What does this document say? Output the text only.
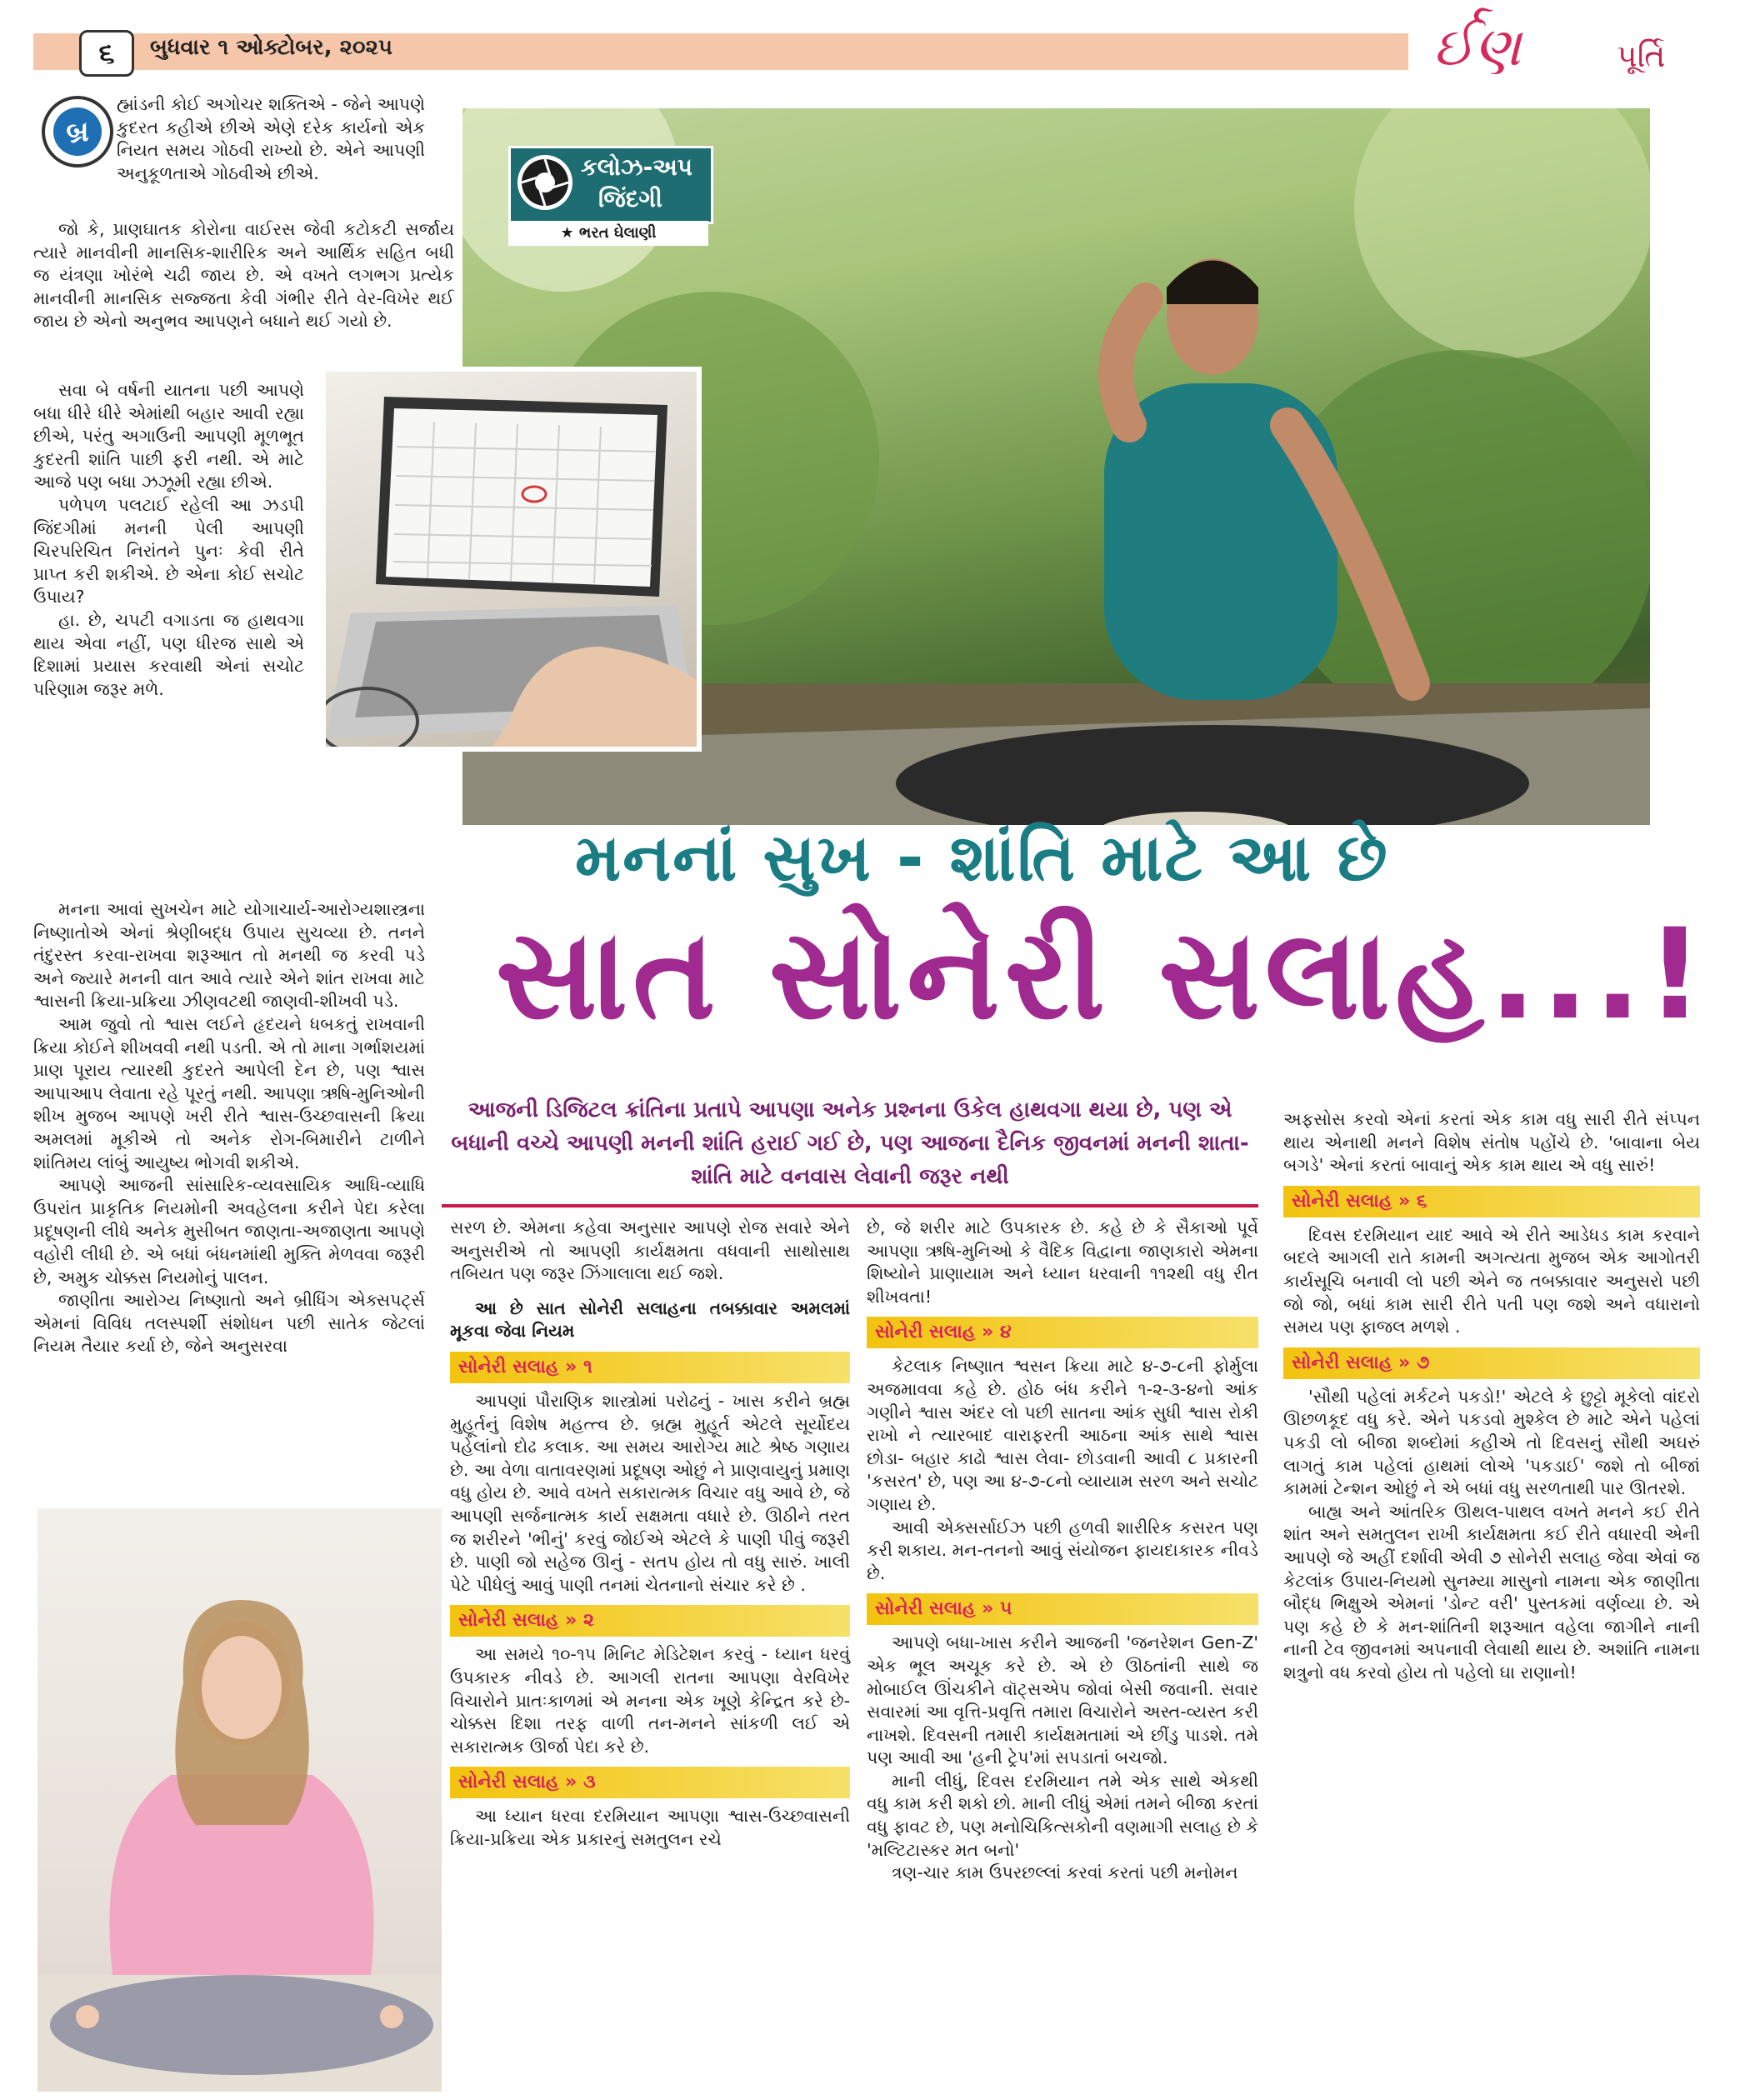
૬	બુધવાર ૧ ઓક્ટોબર, ૨૦૨૫	ર્ઈણ	પૂર્તિ
કલોઝ-અપ
જિંદગી
★ ભરત ઘેલાણી
મનનાં સુખ - શાંતિ માટે આ છે
સાત સોનેરી સલાહ...!
આજની ડિજિટલ ક્રાંતિના પ્રતાપે આપણા અનેક પ્રશ્નના ઉકેલ હાથવગા થયા છે, પણ એ બધાની વચ્ચે આપણી મનની શાંતિ હરાઈ ગઈ છે, પણ આજના દૈનિક જીવનમાં મનની શાતા-શાંતિ માટે વનવાસ લેવાની જરૂર નથી
બ્ર

હ્માંડની કોઈ અગોચર શક્તિએ - જેને આપણે કુદરત કહીએ છીએ એણે દરેક કાર્યનો એક નિયત સમય ગોઠવી રાખ્યો છે. એને આપણી અનુકૂળતાએ ગોઠવીએ છીએ.

જો કે, પ્રાણઘાતક કોરોના વાઈરસ જેવી કટોકટી સર્જાય ત્યારે માનવીની માનસિક-શારીરિક અને આર્થિક સહિત બધી જ યંત્રણા ખોરંભે ચઢી જાય છે. એ વખતે લગભગ પ્રત્યેક માનવીની માનસિક સજ્જતા કેવી ગંભીર રીતે વેર-વિખેર થઈ જાય છે એનો અનુભવ આપણને બધાને થઈ ગયો છે.

સવા બે વર્ષની યાતના પછી આપણે બધા ધીરે ધીરે એમાંથી બહાર આવી રહ્યા છીએ, પરંતુ અગાઉની આપણી મૂળભૂત કુદરતી શાંતિ પાછી ફરી નથી. એ માટે આજે પણ બધા ઝઝૂમી રહ્યા છીએ.

પળેપળ પલટાઈ રહેલી આ ઝડપી જિંદગીમાં મનની પેલી આપણી ચિરપરિચિત નિરાંતને પુનઃ કેવી રીતે પ્રાપ્ત કરી શકીએ. છે એના કોઈ સચોટ ઉપાય?

હા. છે, ચપટી વગાડતા જ હાથવગા થાય એવા નહીં, પણ ધીરજ સાથે એ દિશામાં પ્રયાસ કરવાથી એનાં સચોટ પરિણામ જરૂર મળે.

મનના આવાં સુખચેન માટે યોગાચાર્ય-આરોગ્યશાસ્ત્રના નિષ્ણાતોએ એનાં શ્રેણીબદ્ધ ઉપાય સુચવ્યા છે. તનને તંદુરસ્ત કરવા-રાખવા શરૂઆત તો મનથી જ કરવી પડે અને જ્યારે મનની વાત આવે ત્યારે એને શાંત રાખવા માટે શ્વાસની ક્રિયા-પ્રક્રિયા ઝીણવટથી જાણવી-શીખવી પડે.

આમ જુવો તો શ્વાસ લઈને હૃદયને ધબકતું રાખવાની ક્રિયા કોઈને શીખવવી નથી પડતી. એ તો માના ગર્ભાશયમાં પ્રાણ પૂરાય ત્યારથી કુદરતે આપેલી દેન છે, પણ શ્વાસ આપાઆપ લેવાતા રહે પૂરતું નથી. આપણા ઋષિ-મુનિઓની શીખ મુજબ આપણે ખરી રીતે શ્વાસ-ઉચ્છવાસની ક્રિયા અમલમાં મૂકીએ તો અનેક રોગ-બિમારીને ટાળીને શાંતિમય લાંબું આયુષ્ય ભોગવી શકીએ.

આપણે આજની સાંસારિક-વ્યવસાયિક આધિ-વ્યાધિ ઉપરાંત પ્રાકૃતિક નિયમોની અવહેલના કરીને પેદા કરેલા પ્રદૂષણની લીધે અનેક મુસીબત જાણતા-અજાણતા આપણે વહોરી લીધી છે. એ બધાં બંધનમાંથી મુક્તિ મેળવવા જરૂરી છે, અમુક ચોક્કસ નિયમોનું પાલન.

જાણીતા આરોગ્ય નિષ્ણાતો અને બ્રીધિંગ એક્સપર્ટ્સ એમનાં વિવિધ તલસ્પર્શી સંશોધન પછી સાતેક જેટલાં નિયમ તૈયાર કર્યા છે, જેને અનુસરવા

સરળ છે. એમના કહેવા અનુસાર આપણે રોજ સવારે એને અનુસરીએ તો આપણી કાર્યક્ષમતા વધવાની સાથોસાથ તબિયત પણ જરૂર ઝિંગાલાલા થઈ જશે.

આ છે સાત સોનેરી સલાહના તબક્કાવાર અમલમાં મૂકવા જેવા નિયમ

સોનેરી સલાહ » ૧

આપણાં પૌરાણિક શાસ્ત્રોમાં પરોઢનું - ખાસ કરીને બ્રહ્મ મુહૂર્તનું વિશેષ મહત્ત્વ છે. બ્રહ્મ મુહૂર્ત એટલે સૂર્યોદય પહેલાંનો દોઢ કલાક. આ સમય આરોગ્ય માટે શ્રેષ્ઠ ગણાય છે. આ વેળા વાતાવરણમાં પ્રદૂષણ ઓછું ને પ્રાણવાયુનું પ્રમાણ વધુ હોય છે. આવે વખતે સકારાત્મક વિચાર વધુ આવે છે, જે આપણી સર્જનાત્મક કાર્ય સક્ષમતા વધારે છે. ઊઠીને તરત જ શરીરને 'ભીનું' કરવું જોઈએ એટલે કે પાણી પીવું જરૂરી છે. પાણી જો સહેજ ઊનું - સતપ હોય તો વધુ સારું. ખાલી પેટે પીધેલું આવું પાણી તનમાં ચેતનાનો સંચાર કરે છે .

સોનેરી સલાહ » ૨

આ સમયે ૧૦-૧૫ મિનિટ મેડિટેશન કરવું - ધ્યાન ધરવું ઉપકારક નીવડે છે. આગલી રાતના આપણા વેરવિખેર વિચારોને પ્રાતઃકાળમાં એ મનના એક ખૂણે કેન્દ્રિત કરે છે- ચોક્કસ દિશા તરફ વાળી તન-મનને સાંકળી લઈ એ સકારાત્મક ઊર્જા પેદા કરે છે.

સોનેરી સલાહ » ૩

આ ધ્યાન ધરવા દરમિયાન આપણા શ્વાસ-ઉચ્છવાસની ક્રિયા-પ્રક્રિયા એક પ્રકારનું સમતુલન રચે

છે, જે શરીર માટે ઉપકારક છે. કહે છે કે સૈકાઓ પૂર્વે આપણા ઋષિ-મુનિઓ કે વૈદિક વિદ્વાના જાણકારો એમના શિષ્યોને પ્રાણાયામ અને ધ્યાન ધરવાની ૧૧૨થી વધુ રીત શીખવતા!

સોનેરી સલાહ » ૪

કેટલાક નિષ્ણાત શ્વસન ક્રિયા માટે ૪-૭-૮ની ફોર્મુલા અજમાવવા કહે છે. હોઠ બંધ કરીને ૧-૨-૩-૪નો આંક ગણીને શ્વાસ અંદર લો પછી સાતના આંક સુધી શ્વાસ રોકી રાખો ને ત્યારબાદ વારાફરતી આઠના આંક સાથે શ્વાસ છોડા- બહાર કાઢો શ્વાસ લેવા- છોડવાની આવી ૮ પ્રકારની 'કસરત' છે, પણ આ ૪-૭-૮નો વ્યાયામ સરળ અને સચોટ ગણાય છે.

આવી એક્સર્સાઈઝ પછી હળવી શારીરિક કસરત પણ કરી શકાય. મન-તનનો આવું સંયોજન ફાયદાકારક નીવડે છે.

સોનેરી સલાહ » ૫

આપણે બધા-ખાસ કરીને આજની 'જનરેશન Gen-Z' એક ભૂલ અચૂક કરે છે. એ છે ઊઠતાંની સાથે જ મોબાઈલ ઊંચકીને વૉટ્સએપ જોવાં બેસી જવાની. સવાર સવારમાં આ વૃત્તિ-પ્રવૃત્તિ તમારા વિચારોને અસ્ત-વ્યસ્ત કરી નાખશે. દિવસની તમારી કાર્યક્ષમતામાં એ છીંડુ પાડશે. તમે પણ આવી આ 'હની ટ્રેપ'માં સપડાતાં બચજો.

માની લીધું, દિવસ દરમિયાન તમે એક સાથે એકથી વધુ કામ કરી શકો છો. માની લીધું એમાં તમને બીજા કરતાં વધુ ફાવટ છે, પણ મનોચિકિત્સકોની વણમાગી સલાહ છે કે 'મલ્ટિટાસ્કર મત બનો'

ત્રણ-ચાર કામ ઉપરછલ્લાં કરવાં કરતાં પછી મનોમન

અફસોસ કરવો એનાં કરતાં એક કામ વધુ સારી રીતે સંપ્પન થાય એનાથી મનને વિશેષ સંતોષ પહોંચે છે. 'બાવાના બેય બગડે' એનાં કરતાં બાવાનું એક કામ થાય એ વધુ સારું!

સોનેરી સલાહ » ૬

દિવસ દરમિયાન યાદ આવે એ રીતે આડેધડ કામ કરવાને બદલે આગલી રાતે કામની અગત્યતા મુજબ એક આગોતરી કાર્યસૂચિ બનાવી લો પછી એને જ તબક્કાવાર અનુસરો પછી જો જો, બધાં કામ સારી રીતે પતી પણ જશે અને વધારાનો સમય પણ ફાજલ મળશે .

સોનેરી સલાહ » ૭

'સૌથી પહેલાં મર્કટને પકડો!' એટલે કે છુટ્ટો મૂકેલો વાંદરો ઊછળકૂદ વધુ કરે. એને પકડવો મુશ્કેલ છે માટે એને પહેલાં પકડી લો બીજા શબ્દોમાં કહીએ તો દિવસનું સૌથી અઘરું લાગતું કામ પહેલાં હાથમાં લોએ 'પકડાઈ' જશે તો બીજાં કામમાં ટેન્શન ઓછું ને એ બધાં વધુ સરળતાથી પાર ઊતરશે.

બાહ્ય અને આંતરિક ઊથલ-પાથલ વખતે મનને કઈ રીતે શાંત અને સમતુલન રાખી કાર્યક્ષમતા કઈ રીતે વધારવી એની આપણે જે અહીં દર્શાવી એવી ૭ સોનેરી સલાહ જેવા એવાં જ કેટલાંક ઉપાય-નિયમો સુનમ્યા માસુનો નામના એક જાણીતા બૌદ્ધ ભિક્ષુએ એમનાં 'ડોન્ટ વરી' પુસ્તકમાં વર્ણવ્યા છે. એ પણ કહે છે કે મન-શાંતિની શરૂઆત વહેલા જાગીને નાની નાની ટેવ જીવનમાં અપનાવી લેવાથી થાય છે. અશાંતિ નામના શત્રુનો વધ કરવો હોય તો પહેલો ઘા રાણાનો!
